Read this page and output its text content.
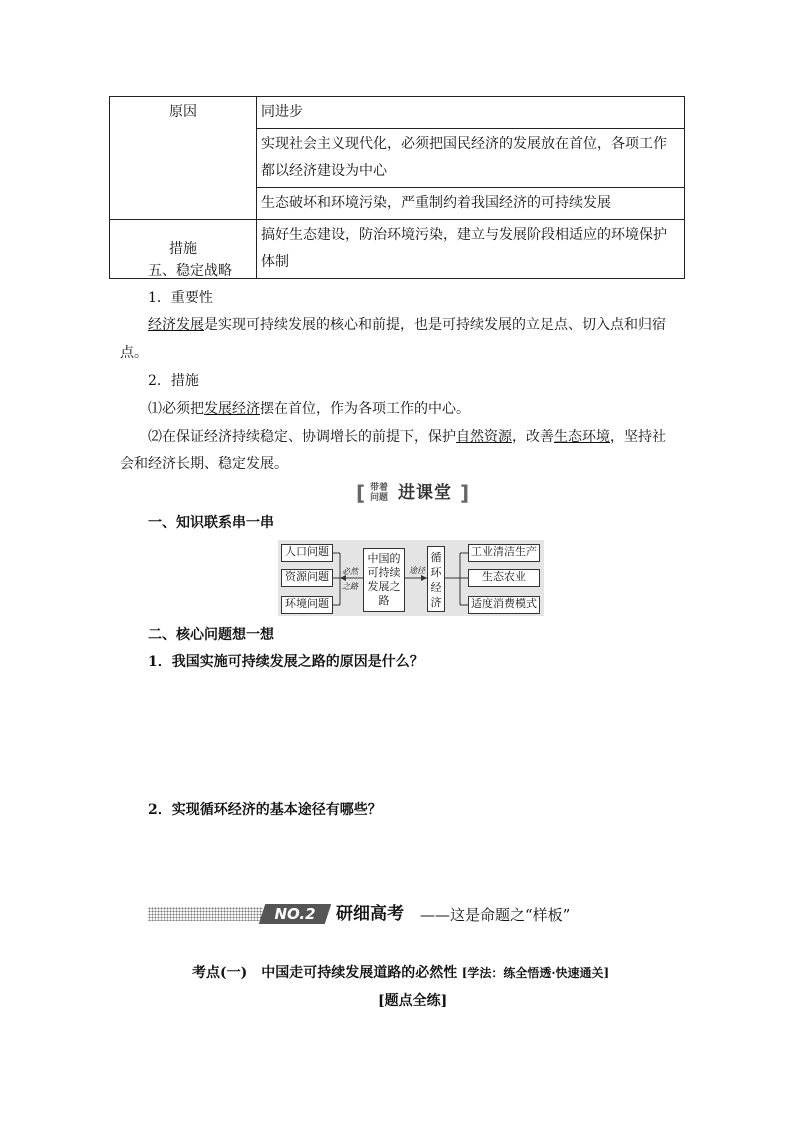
原因	同进步
	实现社会主义现代化，必须把国民经济的发展放在首位，各项工作都以经济建设为中心
	生态破坏和环境污染，严重制约着我国经济的可持续发展
措施	搞好生态建设，防治环境污染，建立与发展阶段相适应的环境保护体制
五、稳定战略
1．重要性
经济发展是实现可持续发展的核心和前提，也是可持续发展的立足点、切入点和归宿
点。
2．措施
⑴必须把发展经济摆在首位，作为各项工作的中心。
⑵在保证经济持续稳定、协调增长的前提下，保护自然资源，改善生态环境，坚持社
会和经济长期、稳定发展。
[ 带着
问题 进课堂 ]
一、知识联系串一串
人口问题
资源问题
环境问题
必然
之路
中国的
可持续
发展之
路
途径
循
环
经
济
工业清洁生产
生态农业
适度消费模式
二、核心问题想一想
1．我国实施可持续发展之路的原因是什么？
2．实现循环经济的基本途径有哪些？
NO.2	研细高考 ——这是命题之“样板”
考点(一)　中国走可持续发展道路的必然性 [学法：练全悟透·快速通关]
[题点全练]
